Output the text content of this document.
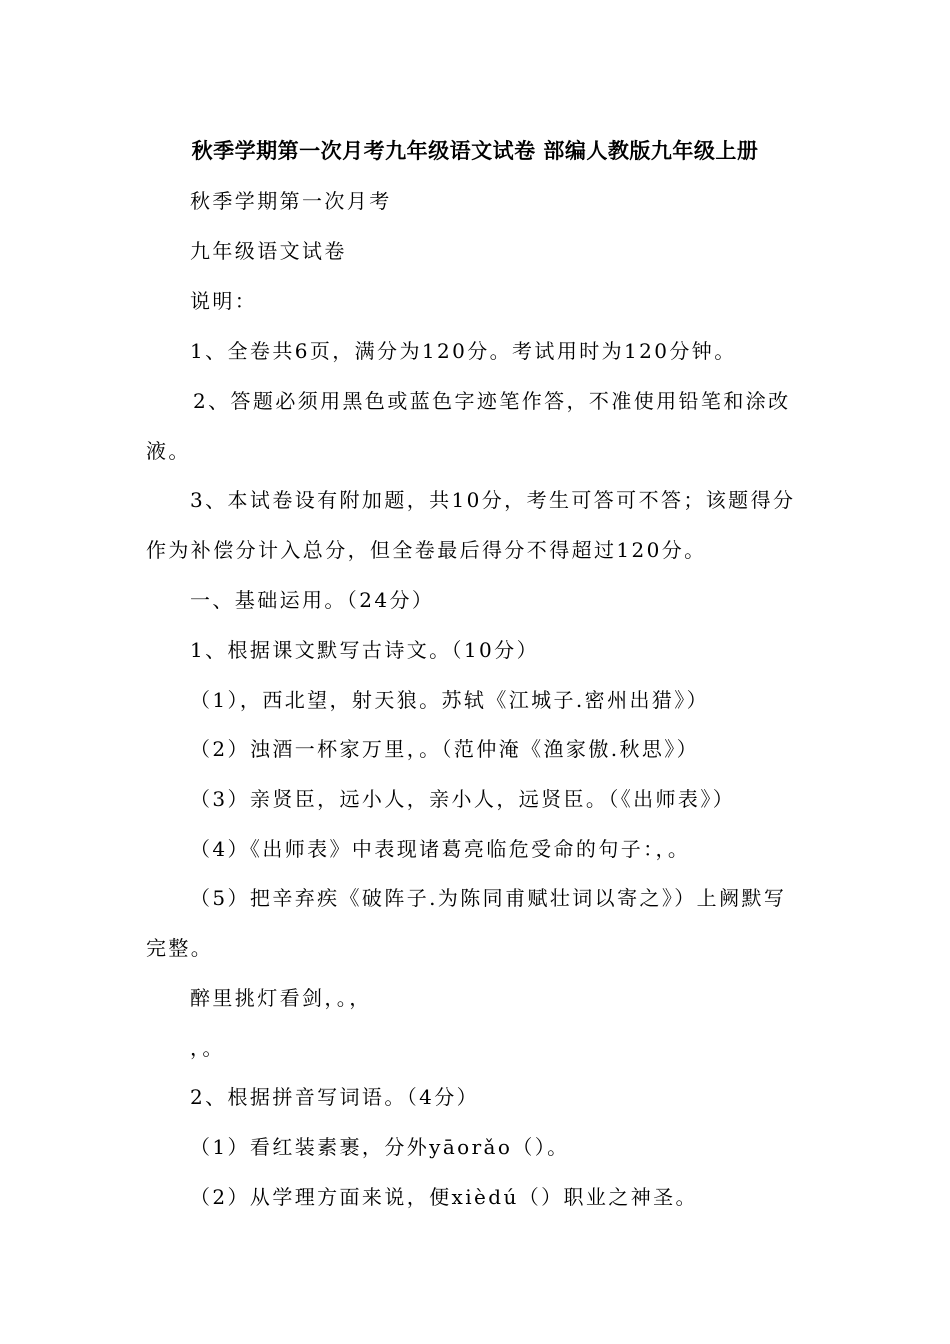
秋季学期第一次月考九年级语文试卷 部编人教版九年级上册
秋季学期第一次月考
九年级语文试卷
说明：
1、全卷共6页，满分为120分。考试用时为120分钟。
2、答题必须用黑色或蓝色字迹笔作答，不准使用铅笔和涂改
液。
3、本试卷设有附加题，共10分，考生可答可不答；该题得分
作为补偿分计入总分，但全卷最后得分不得超过120分。
一、基础运用。（24分）
1、根据课文默写古诗文。（10分）
（1），西北望，射天狼。苏轼《江城子.密州出猎》）
（2）浊酒一杯家万里，。（范仲淹《渔家傲.秋思》）
（3）亲贤臣，远小人，亲小人，远贤臣。（《出师表》）
（4）《出师表》中表现诸葛亮临危受命的句子：，。
（5）把辛弃疾《破阵子.为陈同甫赋壮词以寄之》）上阙默写
完整。
醉里挑灯看剑，。，
，。
2、根据拼音写词语。（4分）
（1）看红装素裹，分外yāorǎo（）。
（2）从学理方面来说，便xièdú（）职业之神圣。
